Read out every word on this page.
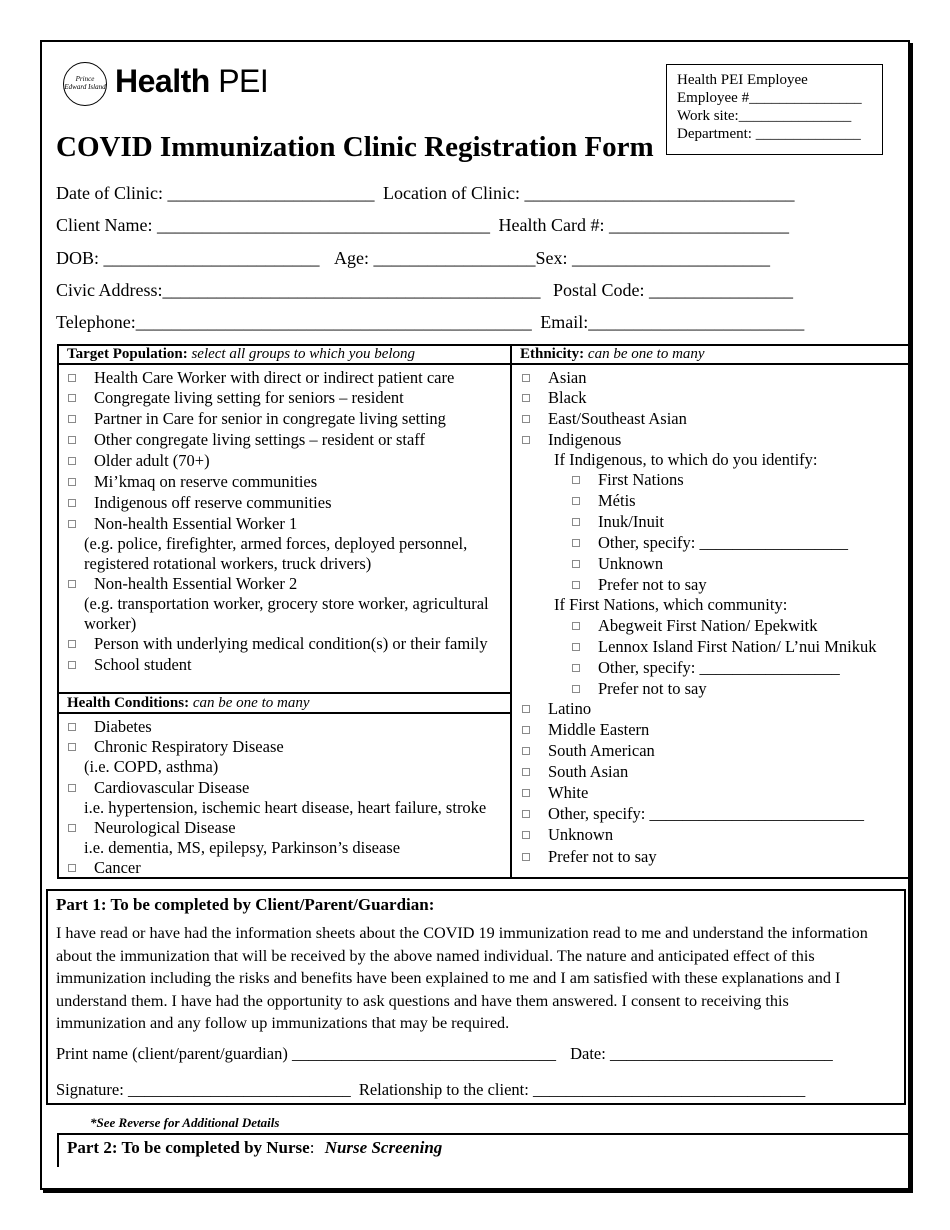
Prince Edward Island Health PEI	Health PEI Employee
Employee #_______________
Work site:_______________
Department: ______________
COVID Immunization Clinic Registration Form
Date of Clinic: _______________________ Location of Clinic: ______________________________
Client Name: _____________________________________ Health Card #: ____________________
DOB: ________________________ Age: __________________Sex: ______________________
Civic Address:__________________________________________ Postal Code: ________________
Telephone:____________________________________________ Email:________________________
Target Population: select all groups to which you belong
Health Care Worker with direct or indirect patient care
Congregate living setting for seniors – resident
Partner in Care for senior in congregate living setting
Other congregate living settings – resident or staff
Older adult (70+)
Mi’kmaq on reserve communities
Indigenous off reserve communities
Non-health Essential Worker 1
(e.g. police, firefighter, armed forces, deployed personnel,
registered rotational workers, truck drivers)
Non-health Essential Worker 2
(e.g. transportation worker, grocery store worker, agricultural
worker)
Person with underlying medical condition(s) or their family
School student
Health Conditions: can be one to many
Diabetes
Chronic Respiratory Disease
(i.e. COPD, asthma)
Cardiovascular Disease
i.e. hypertension, ischemic heart disease, heart failure, stroke
Neurological Disease
i.e. dementia, MS, epilepsy, Parkinson’s disease
Cancer
Ethnicity: can be one to many
Asian
Black
East/Southeast Asian
Indigenous
If Indigenous, to which do you identify:
First Nations
Métis
Inuk/Inuit
Other, specify: __________________
Unknown
Prefer not to say
If First Nations, which community:
Abegweit First Nation/ Epekwitk
Lennox Island First Nation/ L’nui Mnikuk
Other, specify: _________________
Prefer not to say
Latino
Middle Eastern
South American
South Asian
White
Other, specify: __________________________
Unknown
Prefer not to say
Part 1: To be completed by Client/Parent/Guardian:
I have read or have had the information sheets about the COVID 19 immunization read to me and understand the information about the immunization that will be received by the above named individual. The nature and anticipated effect of this immunization including the risks and benefits have been explained to me and I am satisfied with these explanations and I understand them. I have had the opportunity to ask questions and have them answered. I consent to receiving this immunization and any follow up immunizations that may be required.
Print name (client/parent/guardian) ________________________________ Date: ___________________________
Signature: ___________________________ Relationship to the client: _________________________________
*See Reverse for Additional Details
Part 2: To be completed by Nurse: Nurse Screening
